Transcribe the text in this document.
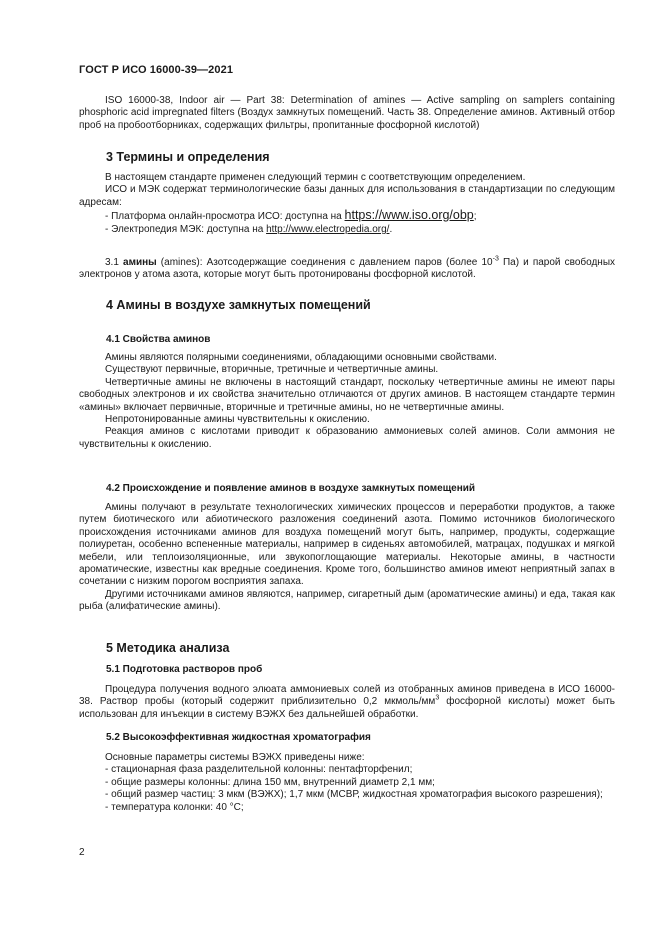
ГОСТ Р ИСО 16000-39—2021

ISO 16000-38, Indoor air — Part 38: Determination of amines — Active sampling on samplers containing phosphoric acid impregnated filters (Воздух замкнутых помещений. Часть 38. Определение аминов. Активный отбор проб на пробоотборниках, содержащих фильтры, пропитанные фосфорной кислотой)

3 Термины и определения

В настоящем стандарте применен следующий термин с соответствующим определением.

ИСО и МЭК содержат терминологические базы данных для использования в стандартизации по следующим адресам:

- Платформа онлайн-просмотра ИСО: доступна на https://www.iso.org/obp;

- Электропедия МЭК: доступна на http://www.electropedia.org/.

3.1 амины (amines): Азотсодержащие соединения с давлением паров (более $10^{-3}$ Па) и парой свободных электронов у атома азота, которые могут быть протонированы фосфорной кислотой.

4 Амины в воздухе замкнутых помещений
4.1 Свойства аминов

Амины являются полярными соединениями, обладающими основными свойствами.

Существуют первичные, вторичные, третичные и четвертичные амины.

Четвертичные амины не включены в настоящий стандарт, поскольку четвертичные амины не имеют пары свободных электронов и их свойства значительно отличаются от других аминов. В настоящем стандарте термин «амины» включает первичные, вторичные и третичные амины, но не четвертичные амины.

Непротонированные амины чувствительны к окислению.

Реакция аминов с кислотами приводит к образованию аммониевых солей аминов. Соли аммония не чувствительны к окислению.

4.2 Происхождение и появление аминов в воздухе замкнутых помещений

Амины получают в результате технологических химических процессов и переработки продуктов, а также путем биотического или абиотического разложения соединений азота. Помимо источников биологического происхождения источниками аминов для воздуха помещений могут быть, например, продукты, содержащие полиуретан, особенно вспененные материалы, например в сиденьях автомобилей, матрацах, подушках и мягкой мебели, или теплоизоляционные, или звукопоглощающие материалы. Некоторые амины, в частности ароматические, известны как вредные соединения. Кроме того, большинство аминов имеют неприятный запах в сочетании с низким порогом восприятия запаха.

Другими источниками аминов являются, например, сигаретный дым (ароматические амины) и еда, такая как рыба (алифатические амины).

5 Методика анализа
5.1 Подготовка растворов проб

Процедура получения водного элюата аммониевых солей из отобранных аминов приведена в ИСО 16000-38. Раствор пробы (который содержит приблизительно 0,2 мкмоль/$мм^3$ фосфорной кислоты) может быть использован для инъекции в систему ВЭЖХ без дальнейшей обработки.

5.2 Высокоэффективная жидкостная хроматография

Основные параметры системы ВЭЖХ приведены ниже:

- стационарная фаза разделительной колонны: пентафторфенил;

- общие размеры колонны: длина 150 мм, внутренний диаметр 2,1 мм;

- общий размер частиц: 3 мкм (ВЭЖХ); 1,7 мкм (МСВР, жидкостная хроматография высокого разрешения);

- температура колонки: 40 °С;

2
